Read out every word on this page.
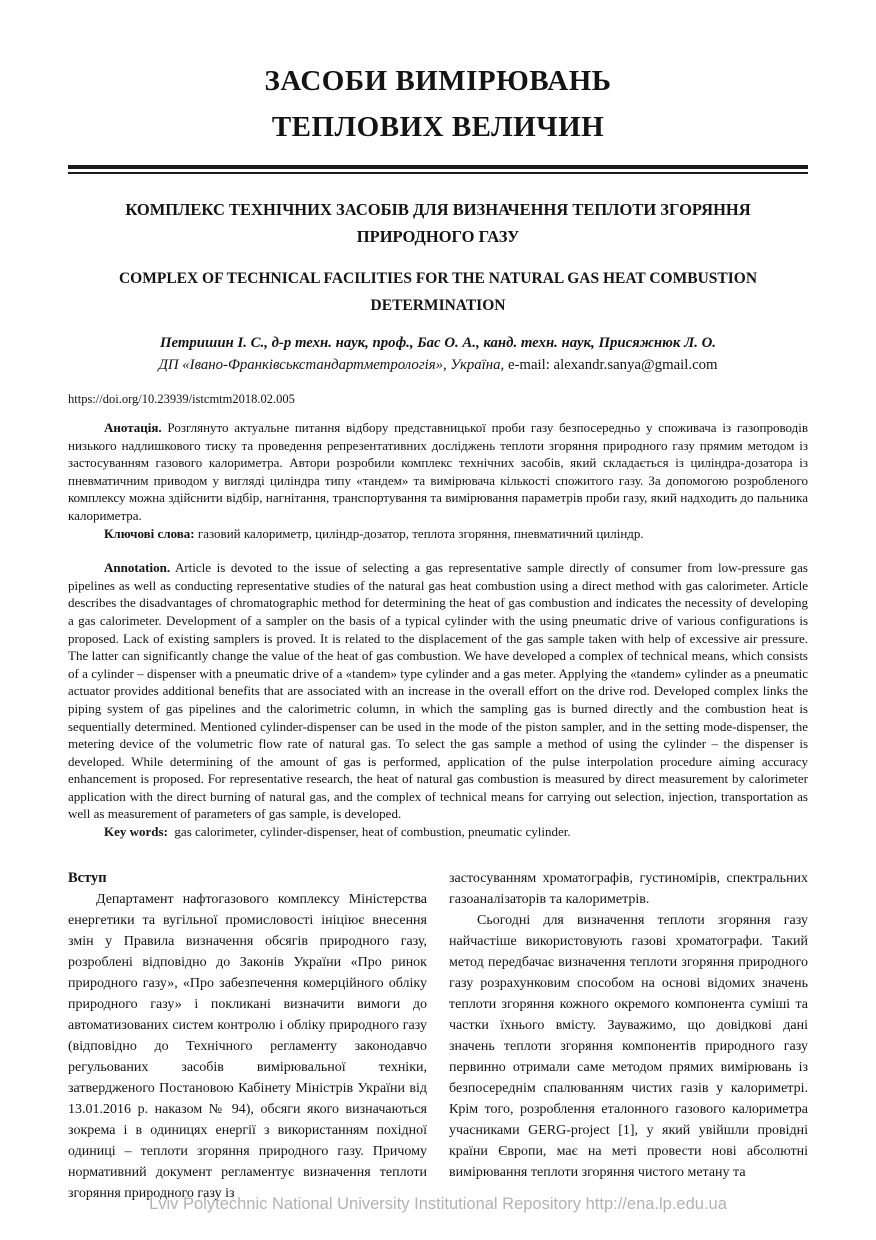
ЗАСОБИ ВИМІРЮВАНЬ
ТЕПЛОВИХ ВЕЛИЧИН
КОМПЛЕКС ТЕХНІЧНИХ ЗАСОБІВ ДЛЯ ВИЗНАЧЕННЯ ТЕПЛОТИ ЗГОРЯННЯ ПРИРОДНОГО ГАЗУ
COMPLEX OF TECHNICAL FACILITIES FOR THE NATURAL GAS HEAT COMBUSTION DETERMINATION

Петришин І. С., д-р техн. наук, проф., Бас О. А., канд. техн. наук, Присяжнюк Л. О.

ДП «Івано-Франківськстандартметрологія», Україна, e-mail: alexandr.sanya@gmail.com

https://doi.org/10.23939/istcmtm2018.02.005

Анотація. Розглянуто актуальне питання відбору представницької проби газу безпосередньо у споживача із газопроводів низького надлишкового тиску та проведення репрезентативних досліджень теплоти згоряння природного газу прямим методом із застосуванням газового калориметра. Автори розробили комплекс технічних засобів, який складається із циліндра-дозатора із пневматичним приводом у вигляді циліндра типу «тандем» та вимірювача кількості спожитого газу. За допомогою розробленого комплексу можна здійснити відбір, нагнітання, транспортування та вимірювання параметрів проби газу, який надходить до пальника калориметра.

Ключові слова: газовий калориметр, циліндр-дозатор, теплота згоряння, пневматичний циліндр.

Annotation. Article is devoted to the issue of selecting a gas representative sample directly of consumer from low-pressure gas pipelines as well as conducting representative studies of the natural gas heat combustion using a direct method with gas calorimeter. Article describes the disadvantages of chromatographic method for determining the heat of gas combustion and indicates the necessity of developing a gas calorimeter. Development of a sampler on the basis of a typical cylinder with the using pneumatic drive of various configurations is proposed. Lack of existing samplers is proved. It is related to the displacement of the gas sample taken with help of excessive air pressure. The latter can significantly change the value of the heat of gas combustion. We have developed a complex of technical means, which consists of a cylinder – dispenser with a pneumatic drive of a «tandem» type cylinder and a gas meter. Applying the «tandem» cylinder as a pneumatic actuator provides additional benefits that are associated with an increase in the overall effort on the drive rod. Developed complex links the piping system of gas pipelines and the calorimetric column, in which the sampling gas is burned directly and the combustion heat is sequentially determined. Mentioned cylinder-dispenser can be used in the mode of the piston sampler, and in the setting mode-dispenser, the metering device of the volumetric flow rate of natural gas. To select the gas sample a method of using the cylinder – the dispenser is developed. While determining of the amount of gas is performed, application of the pulse interpolation procedure aiming accuracy enhancement is proposed. For representative research, the heat of natural gas combustion is measured by direct measurement by calorimeter application with the direct burning of natural gas, and the complex of technical means for carrying out selection, injection, transportation as well as measurement of parameters of gas sample, is developed.

Key words: gas calorimeter, cylinder-dispenser, heat of combustion, pneumatic cylinder.

Вступ

Департамент нафтогазового комплексу Міністерства енергетики та вугільної промисловості ініціює внесення змін у Правила визначення обсягів природного газу, розроблені відповідно до Законів України «Про ринок природного газу», «Про забезпечення комерційного обліку природного газу» і покликані визначити вимоги до автоматизованих систем контролю і обліку природного газу (відповідно до Технічного регламенту законодавчо регульованих засобів вимірювальної техніки, затвердженого Постановою Кабінету Міністрів України від 13.01.2016 р. наказом № 94), обсяги якого визначаються зокрема і в одиницях енергії з використанням похідної одиниці – теплоти згоряння природного газу. Причому нормативний документ регламентує визначення теплоти згоряння природного газу із

застосуванням хроматографів, густиномірів, спектральних газоаналізаторів та калориметрів.

Сьогодні для визначення теплоти згоряння газу найчастіше використовують газові хроматографи. Такий метод передбачає визначення теплоти згоряння природного газу розрахунковим способом на основі відомих значень теплоти згоряння кожного окремого компонента суміші та частки їхнього вмісту. Зауважимо, що довідкові дані значень теплоти згоряння компонентів природного газу первинно отримали саме методом прямих вимірювань із безпосереднім спалюванням чистих газів у калориметрі. Крім того, розроблення еталонного газового калориметра учасниками GERG-project [1], у який увійшли провідні країни Європи, має на меті провести нові абсолютні вимірювання теплоти згоряння чистого метану та

Lviv Polytechnic National University Institutional Repository http://ena.lp.edu.ua
